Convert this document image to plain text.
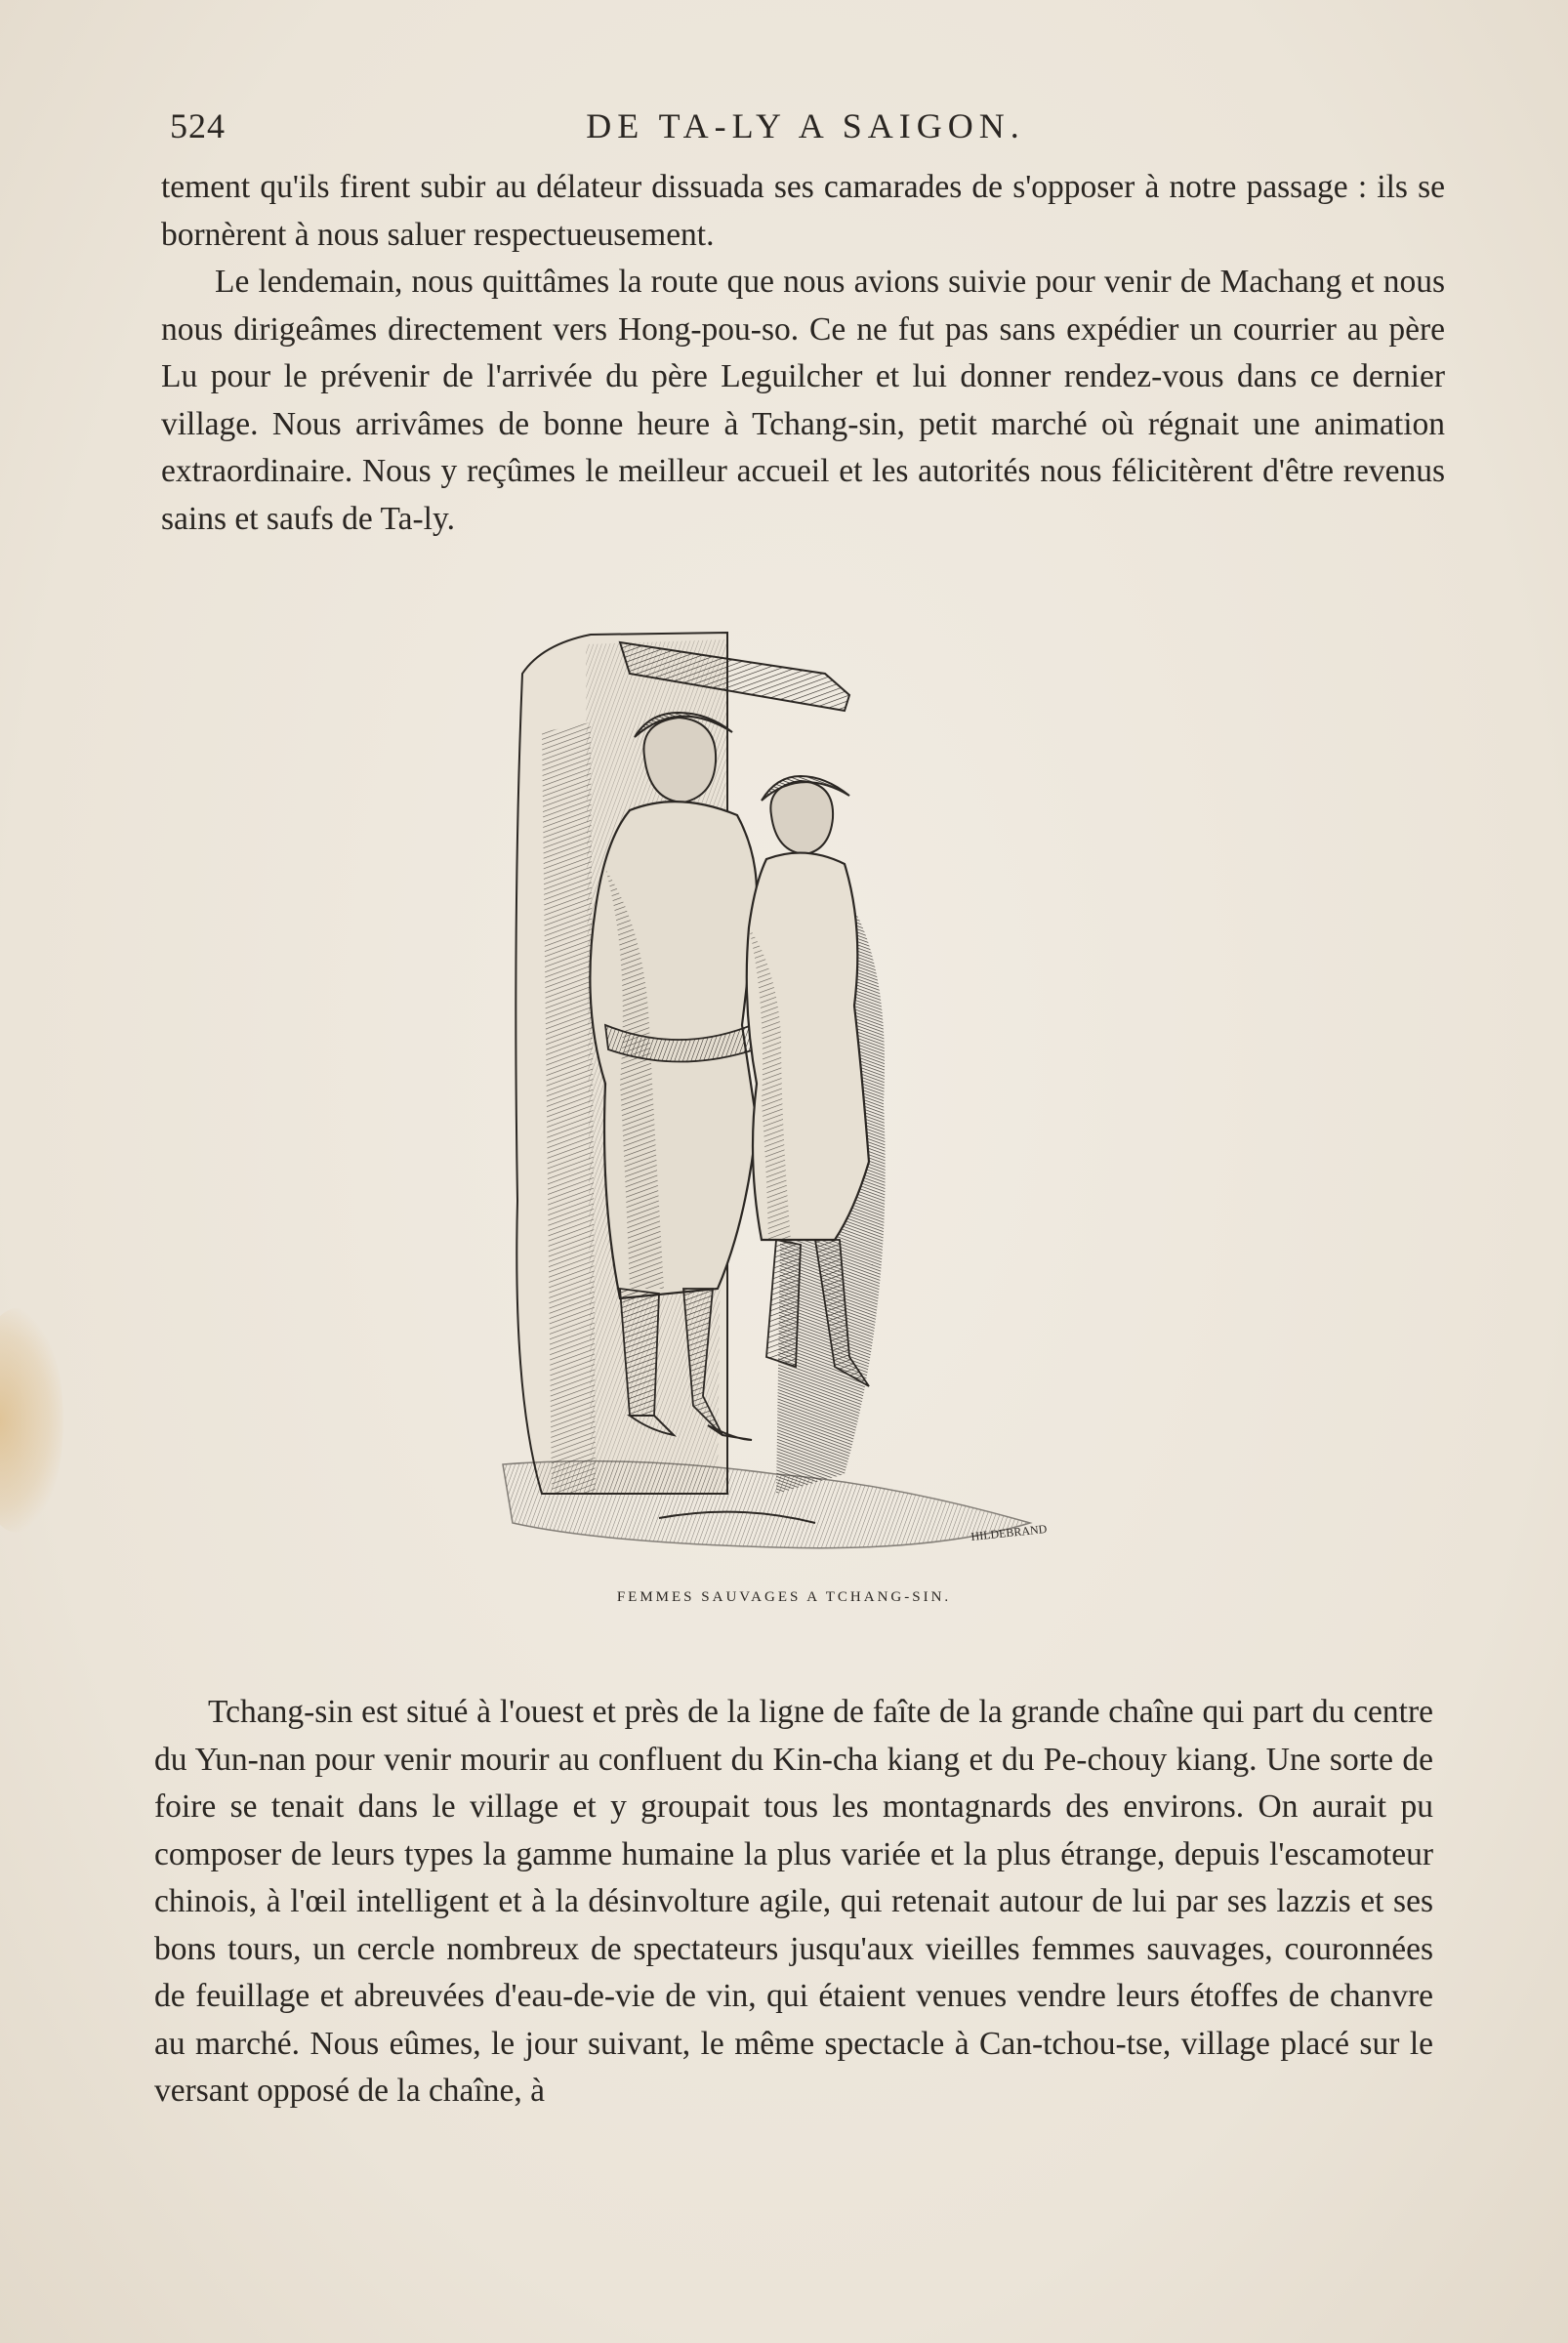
524	DE TA-LY A SAIGON.

tement qu'ils firent subir au délateur dissuada ses camarades de s'opposer à notre passage : ils se bornèrent à nous saluer respectueusement.

Le lendemain, nous quittâmes la route que nous avions suivie pour venir de Machang et nous nous dirigeâmes directement vers Hong-pou-so. Ce ne fut pas sans expédier un courrier au père Lu pour le prévenir de l'arrivée du père Leguilcher et lui donner rendez-vous dans ce dernier village. Nous arrivâmes de bonne heure à Tchang-sin, petit marché où régnait une animation extraordinaire. Nous y reçûmes le meilleur accueil et les autorités nous félicitèrent d'être revenus sains et saufs de Ta-ly.

HILDEBRAND
FEMMES SAUVAGES A TCHANG-SIN.

Tchang-sin est situé à l'ouest et près de la ligne de faîte de la grande chaîne qui part du centre du Yun-nan pour venir mourir au confluent du Kin-cha kiang et du Pe-chouy kiang. Une sorte de foire se tenait dans le village et y groupait tous les montagnards des environs. On aurait pu composer de leurs types la gamme humaine la plus variée et la plus étrange, depuis l'escamoteur chinois, à l'œil intelligent et à la désinvolture agile, qui retenait autour de lui par ses lazzis et ses bons tours, un cercle nombreux de spectateurs jusqu'aux vieilles femmes sauvages, couronnées de feuillage et abreuvées d'eau-de-vie de vin, qui étaient venues vendre leurs étoffes de chanvre au marché. Nous eûmes, le jour suivant, le même spectacle à Can-tchou-tse, village placé sur le versant opposé de la chaîne, à
